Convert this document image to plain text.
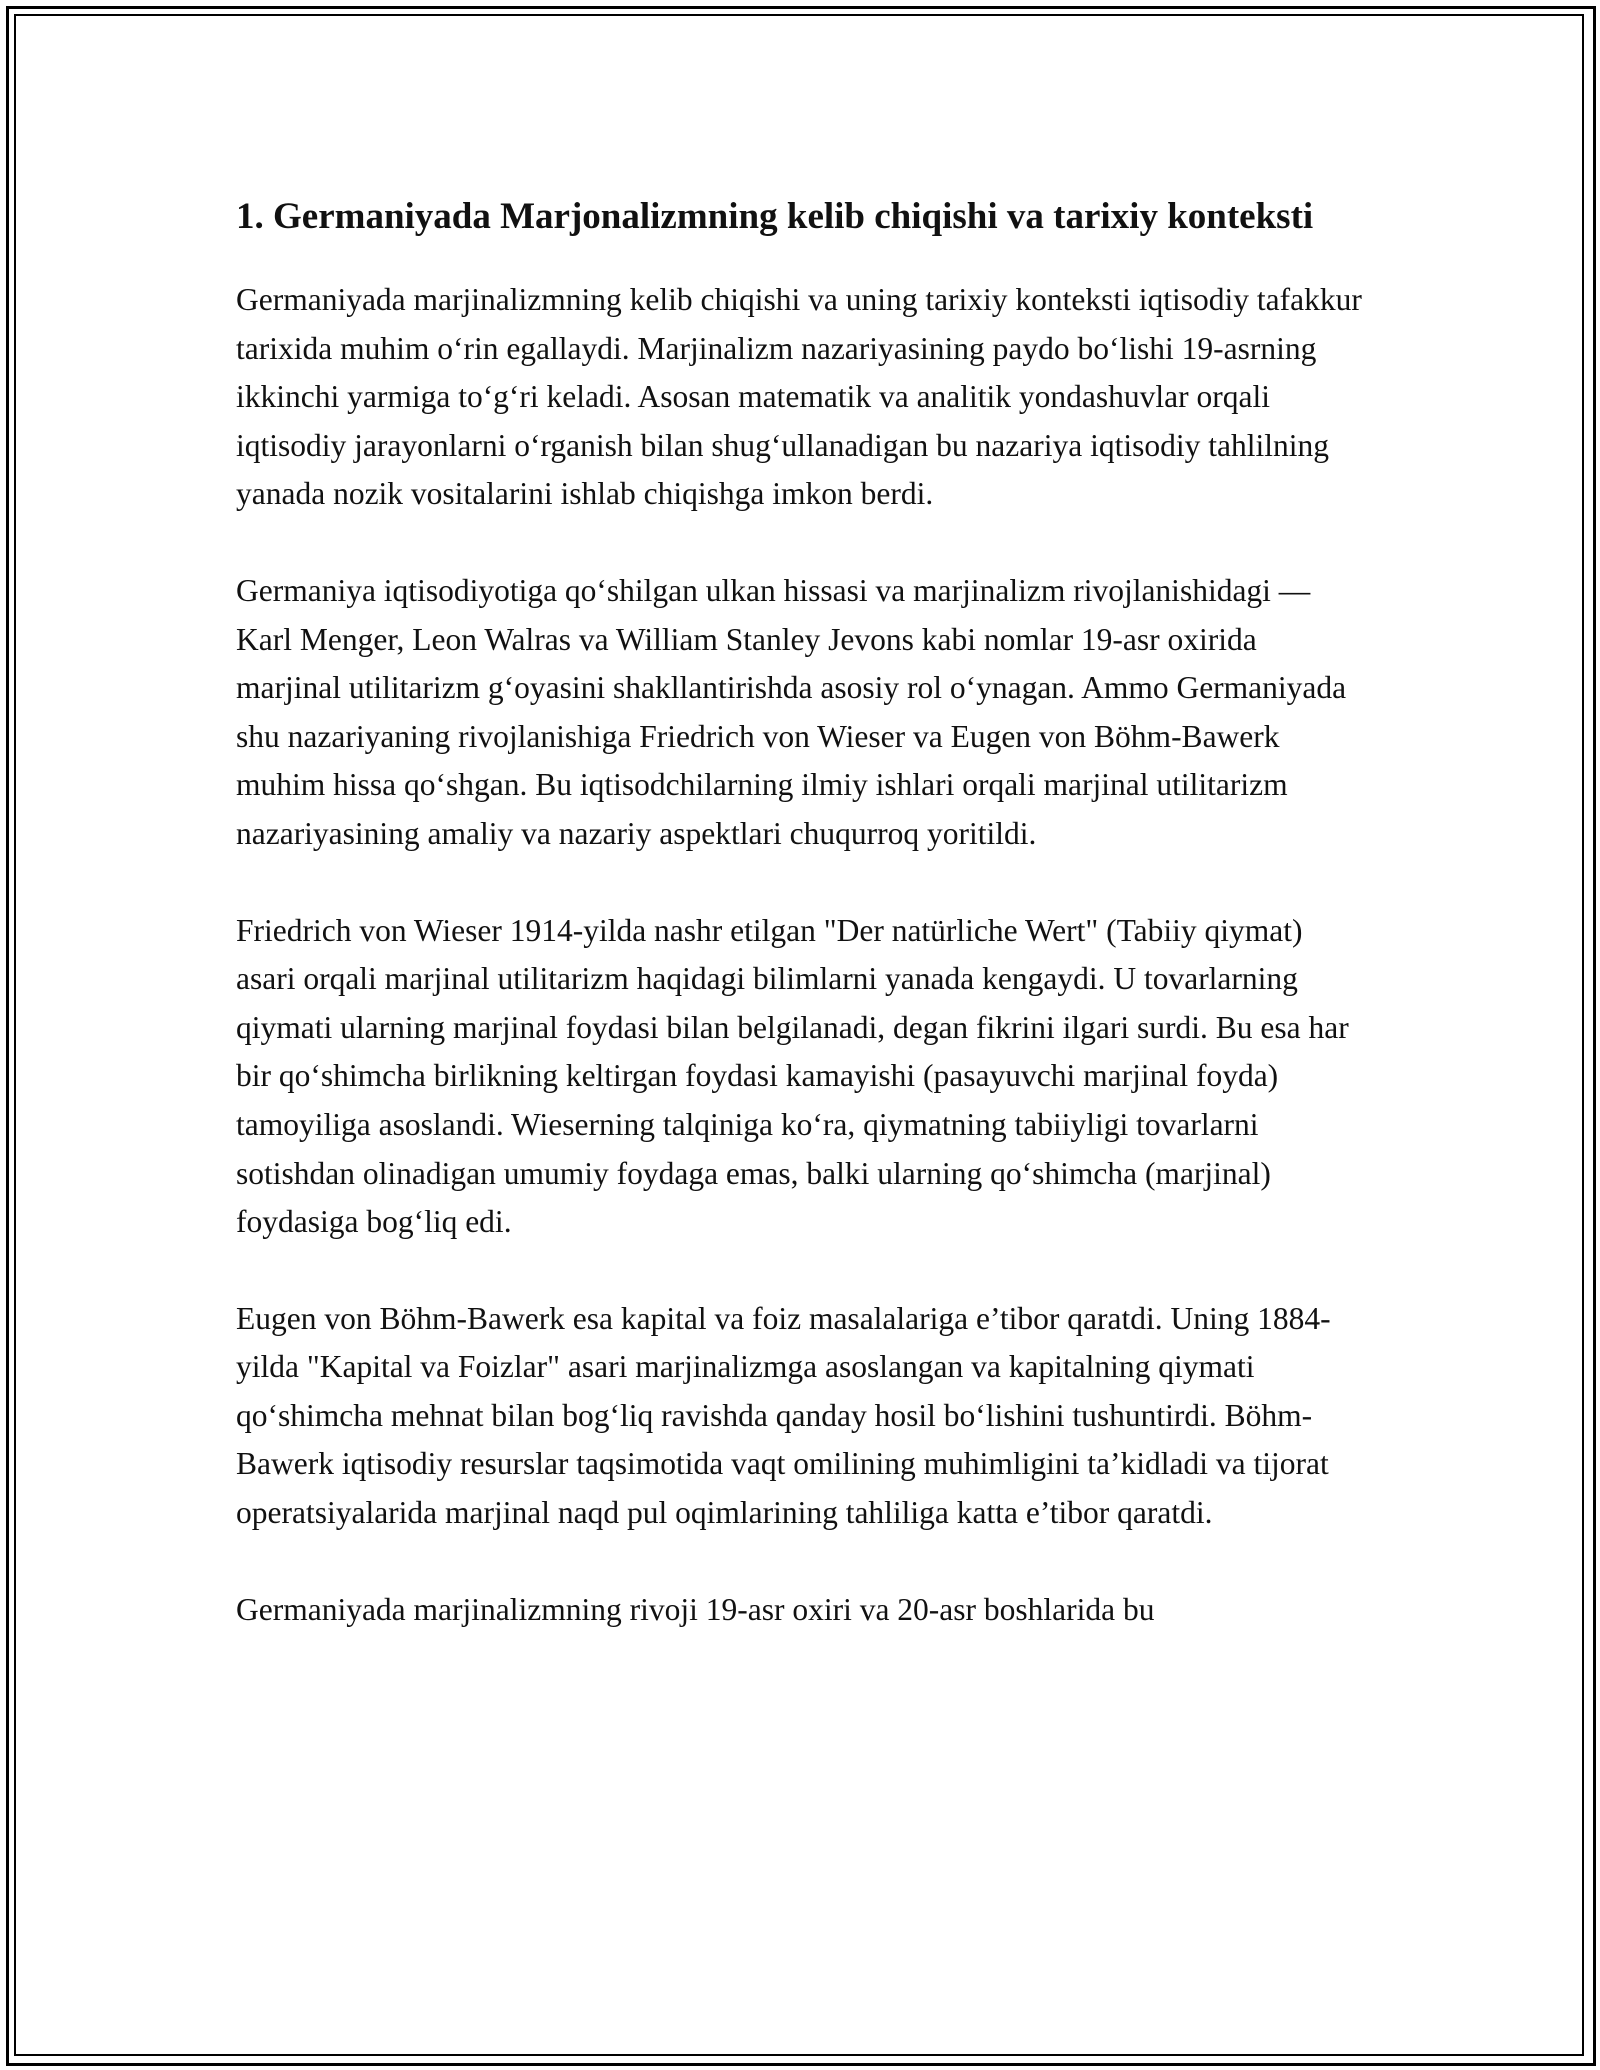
1. Germaniyada Marjonalizmning kelib chiqishi va tarixiy konteksti

Germaniyada marjinalizmning kelib chiqishi va uning tarixiy konteksti iqtisodiy tafakkur tarixida muhim o‘rin egallaydi. Marjinalizm nazariyasining paydo bo‘lishi 19-asrning ikkinchi yarmiga to‘g‘ri keladi. Asosan matematik va analitik yondashuvlar orqali iqtisodiy jarayonlarni o‘rganish bilan shug‘ullanadigan bu nazariya iqtisodiy tahlilning yanada nozik vositalarini ishlab chiqishga imkon berdi.

Germaniya iqtisodiyotiga qo‘shilgan ulkan hissasi va marjinalizm rivojlanishidagi — Karl Menger, Leon Walras va William Stanley Jevons kabi nomlar 19-asr oxirida marjinal utilitarizm g‘oyasini shakllantirishda asosiy rol o‘ynagan. Ammo Germaniyada shu nazariyaning rivojlanishiga Friedrich von Wieser va Eugen von Böhm-Bawerk muhim hissa qo‘shgan. Bu iqtisodchilarning ilmiy ishlari orqali marjinal utilitarizm nazariyasining amaliy va nazariy aspektlari chuqurroq yoritildi.

Friedrich von Wieser 1914-yilda nashr etilgan "Der natürliche Wert" (Tabiiy qiymat) asari orqali marjinal utilitarizm haqidagi bilimlarni yanada kengaydi. U tovarlarning qiymati ularning marjinal foydasi bilan belgilanadi, degan fikrini ilgari surdi. Bu esa har bir qo‘shimcha birlikning keltirgan foydasi kamayishi (pasayuvchi marjinal foyda) tamoyiliga asoslandi. Wieserning talqiniga ko‘ra, qiymatning tabiiyligi tovarlarni sotishdan olinadigan umumiy foydaga emas, balki ularning qo‘shimcha (marjinal) foydasiga bog‘liq edi.

Eugen von Böhm-Bawerk esa kapital va foiz masalalariga e’tibor qaratdi. Uning 1884-yilda "Kapital va Foizlar" asari marjinalizmga asoslangan va kapitalning qiymati qo‘shimcha mehnat bilan bog‘liq ravishda qanday hosil bo‘lishini tushuntirdi. Böhm-Bawerk iqtisodiy resurslar taqsimotida vaqt omilining muhimligini ta’kidladi va tijorat operatsiyalarida marjinal naqd pul oqimlarining tahliliga katta e’tibor qaratdi.

Germaniyada marjinalizmning rivoji 19-asr oxiri va 20-asr boshlarida bu
